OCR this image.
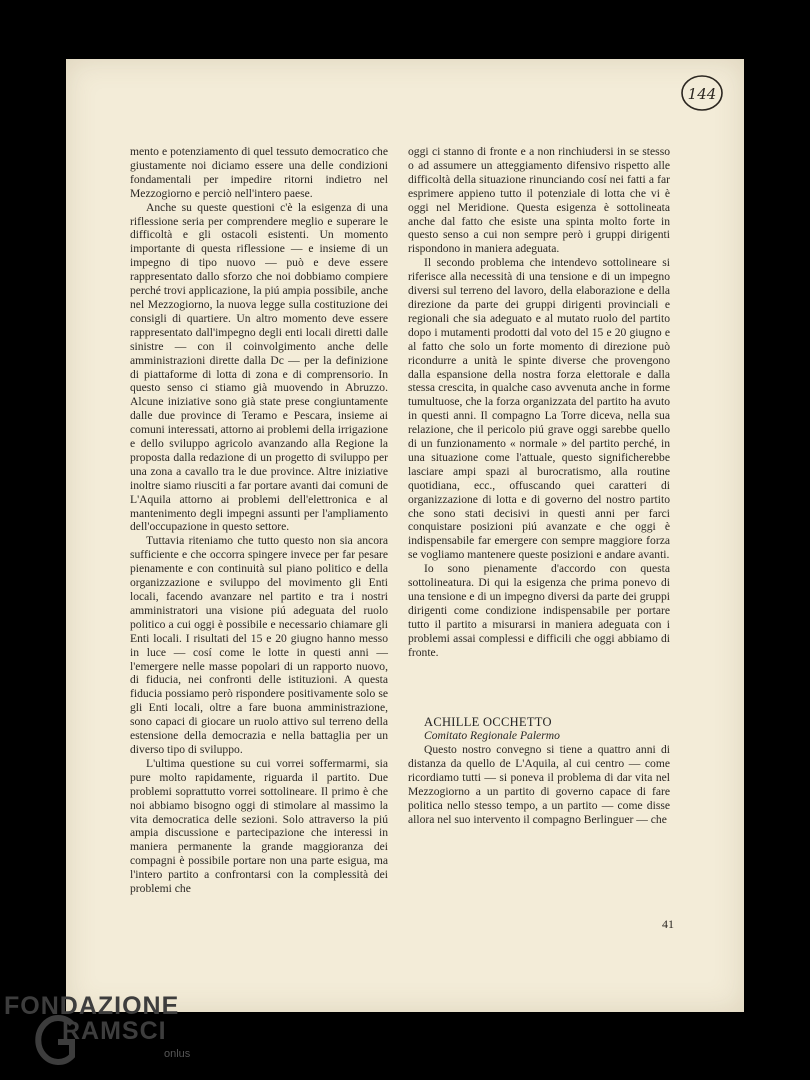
144

mento e potenziamento di quel tessuto democratico che giustamente noi diciamo essere una delle condizioni fondamentali per impedire ritorni indietro nel Mezzogiorno e perciò nell'intero paese.

Anche su queste questioni c'è la esigenza di una riflessione seria per comprendere meglio e superare le difficoltà e gli ostacoli esistenti. Un momento importante di questa riflessione — e insieme di un impegno di tipo nuovo — può e deve essere rappresentato dallo sforzo che noi dobbiamo compiere perché trovi applicazione, la piú ampia possibile, anche nel Mezzogiorno, la nuova legge sulla costituzione dei consigli di quartiere. Un altro momento deve essere rappresentato dall'impegno degli enti locali diretti dalle sinistre — con il coinvolgimento anche delle amministrazioni dirette dalla Dc — per la definizione di piattaforme di lotta di zona e di comprensorio. In questo senso ci stiamo già muovendo in Abruzzo. Alcune iniziative sono già state prese congiuntamente dalle due province di Teramo e Pescara, insieme ai comuni interessati, attorno ai problemi della irrigazione e dello sviluppo agricolo avanzando alla Regione la proposta dalla redazione di un progetto di sviluppo per una zona a cavallo tra le due province. Altre iniziative inoltre siamo riusciti a far portare avanti dai comuni de L'Aquila attorno ai problemi dell'elettronica e al mantenimento degli impegni assunti per l'ampliamento dell'occupazione in questo settore.

Tuttavia riteniamo che tutto questo non sia ancora sufficiente e che occorra spingere invece per far pesare pienamente e con continuità sul piano politico e della organizzazione e sviluppo del movimento gli Enti locali, facendo avanzare nel partito e tra i nostri amministratori una visione piú adeguata del ruolo politico a cui oggi è possibile e necessario chiamare gli Enti locali. I risultati del 15 e 20 giugno hanno messo in luce — cosí come le lotte in questi anni — l'emergere nelle masse popolari di un rapporto nuovo, di fiducia, nei confronti delle istituzioni. A questa fiducia possiamo però rispondere positivamente solo se gli Enti locali, oltre a fare buona amministrazione, sono capaci di giocare un ruolo attivo sul terreno della estensione della democrazia e nella battaglia per un diverso tipo di sviluppo.

L'ultima questione su cui vorrei soffermarmi, sia pure molto rapidamente, riguarda il partito. Due problemi soprattutto vorrei sottolineare. Il primo è che noi abbiamo bisogno oggi di stimolare al massimo la vita democratica delle sezioni. Solo attraverso la piú ampia discussione e partecipazione che interessi in maniera permanente la grande maggioranza dei compagni è possibile portare non una parte esigua, ma l'intero partito a confrontarsi con la complessità dei problemi che

oggi ci stanno di fronte e a non rinchiudersi in se stesso o ad assumere un atteggiamento difensivo rispetto alle difficoltà della situazione rinunciando cosí nei fatti a far esprimere appieno tutto il potenziale di lotta che vi è oggi nel Meridione. Questa esigenza è sottolineata anche dal fatto che esiste una spinta molto forte in questo senso a cui non sempre però i gruppi dirigenti rispondono in maniera adeguata.

Il secondo problema che intendevo sottolineare si riferisce alla necessità di una tensione e di un impegno diversi sul terreno del lavoro, della elaborazione e della direzione da parte dei gruppi dirigenti provinciali e regionali che sia adeguato e al mutato ruolo del partito dopo i mutamenti prodotti dal voto del 15 e 20 giugno e al fatto che solo un forte momento di direzione può ricondurre a unità le spinte diverse che provengono dalla espansione della nostra forza elettorale e dalla stessa crescita, in qualche caso avvenuta anche in forme tumultuose, che la forza organizzata del partito ha avuto in questi anni. Il compagno La Torre diceva, nella sua relazione, che il pericolo piú grave oggi sarebbe quello di un funzionamento « normale » del partito perché, in una situazione come l'attuale, questo significherebbe lasciare ampi spazi al burocratismo, alla routine quotidiana, ecc., offuscando quei caratteri di organizzazione di lotta e di governo del nostro partito che sono stati decisivi in questi anni per farci conquistare posizioni piú avanzate e che oggi è indispensabile far emergere con sempre maggiore forza se vogliamo mantenere queste posizioni e andare avanti.

Io sono pienamente d'accordo con questa sottolineatura. Di qui la esigenza che prima ponevo di una tensione e di un impegno diversi da parte dei gruppi dirigenti come condizione indispensabile per portare tutto il partito a misurarsi in maniera adeguata con i problemi assai complessi e difficili che oggi abbiamo di fronte.

ACHILLE OCCHETTO

Comitato Regionale Palermo

Questo nostro convegno si tiene a quattro anni di distanza da quello de L'Aquila, al cui centro — come ricordiamo tutti — si poneva il problema di dar vita nel Mezzogiorno a un partito di governo capace di fare politica nello stesso tempo, a un partito — come disse allora nel suo intervento il compagno Berlinguer — che

41
FONDAZIONE
RAMSCI
onlus
